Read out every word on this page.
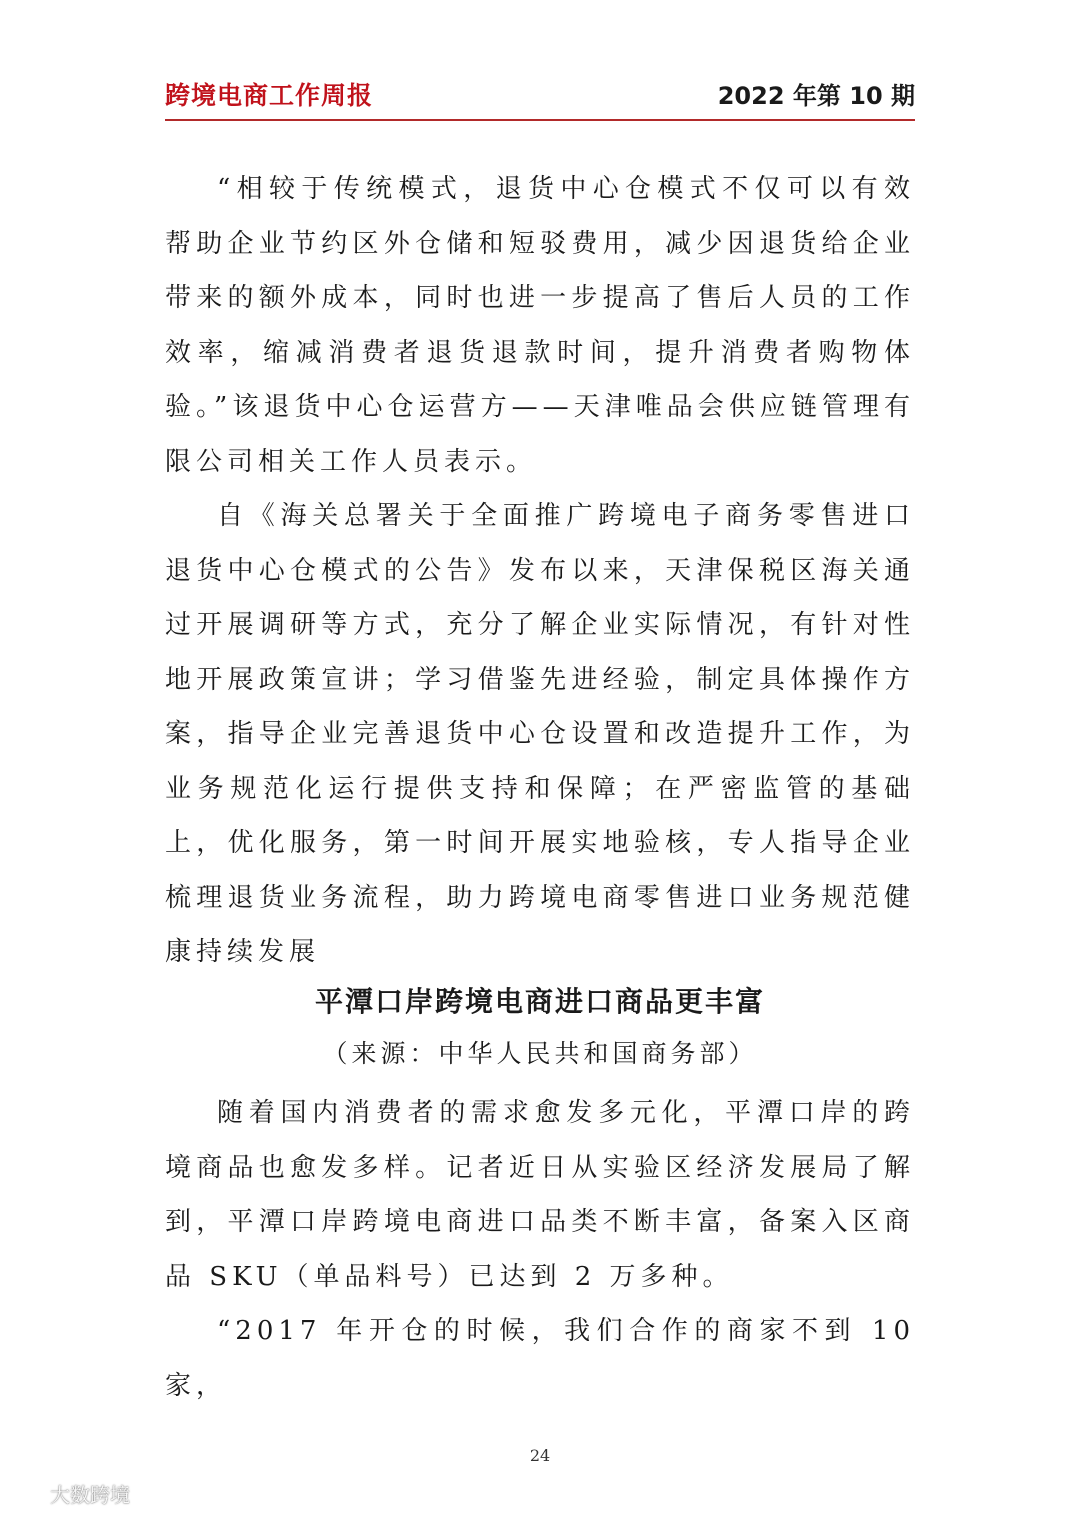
跨境电商工作周报	2022 年第 10 期

“相较于传统模式，退货中心仓模式不仅可以有效帮助企业节约区外仓储和短驳费用，减少因退货给企业带来的额外成本，同时也进一步提高了售后人员的工作效率，缩减消费者退货退款时间，提升消费者购物体验。”该退货中心仓运营方——天津唯品会供应链管理有限公司相关工作人员表示。

自《海关总署关于全面推广跨境电子商务零售进口退货中心仓模式的公告》发布以来，天津保税区海关通过开展调研等方式，充分了解企业实际情况，有针对性地开展政策宣讲；学习借鉴先进经验，制定具体操作方案，指导企业完善退货中心仓设置和改造提升工作，为业务规范化运行提供支持和保障；在严密监管的基础上，优化服务，第一时间开展实地验核，专人指导企业梳理退货业务流程，助力跨境电商零售进口业务规范健康持续发展

平潭口岸跨境电商进口商品更丰富
（来源：中华人民共和国商务部）

随着国内消费者的需求愈发多元化，平潭口岸的跨境商品也愈发多样。记者近日从实验区经济发展局了解到，平潭口岸跨境电商进口品类不断丰富，备案入区商品 SKU（单品料号）已达到 2 万多种。

“2017 年开仓的时候，我们合作的商家不到 10 家，

24
大数跨境
